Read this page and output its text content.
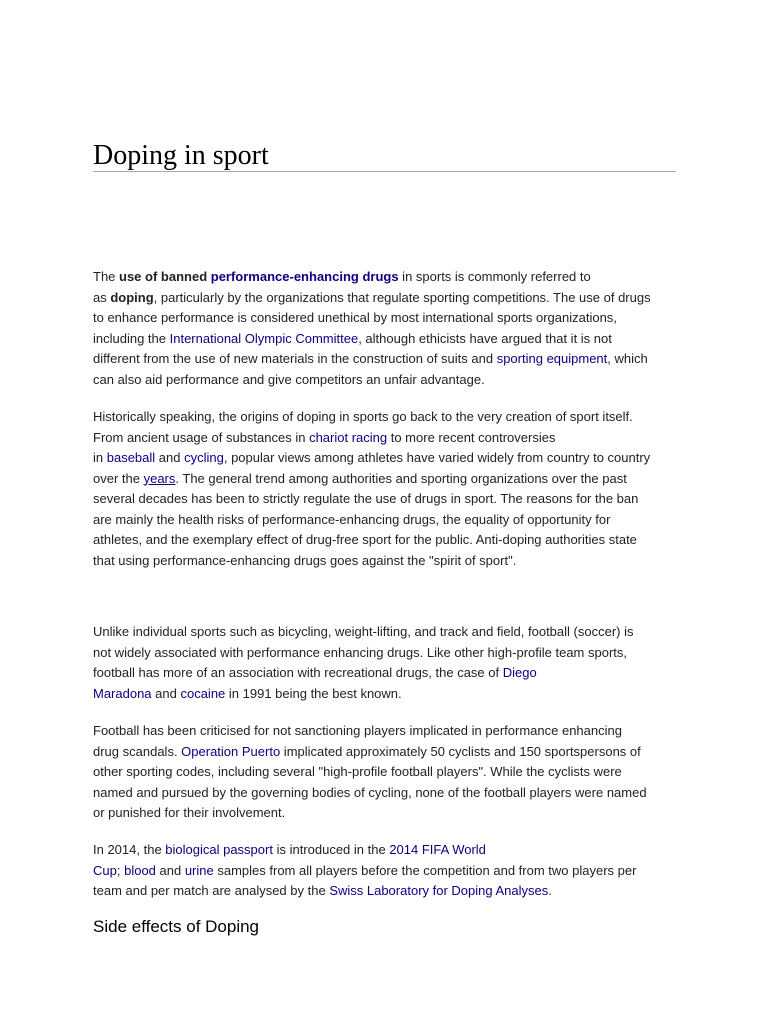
Doping in sport

The use of banned performance-enhancing drugs in sports is commonly referred to
as doping, particularly by the organizations that regulate sporting competitions. The use of drugs
to enhance performance is considered unethical by most international sports organizations,
including the International Olympic Committee, although ethicists have argued that it is not
different from the use of new materials in the construction of suits and sporting equipment, which
can also aid performance and give competitors an unfair advantage.

Historically speaking, the origins of doping in sports go back to the very creation of sport itself.
From ancient usage of substances in chariot racing to more recent controversies
in baseball and cycling, popular views among athletes have varied widely from country to country
over the years. The general trend among authorities and sporting organizations over the past
several decades has been to strictly regulate the use of drugs in sport. The reasons for the ban
are mainly the health risks of performance-enhancing drugs, the equality of opportunity for
athletes, and the exemplary effect of drug-free sport for the public. Anti-doping authorities state
that using performance-enhancing drugs goes against the "spirit of sport".

Unlike individual sports such as bicycling, weight-lifting, and track and field, football (soccer) is
not widely associated with performance enhancing drugs. Like other high-profile team sports,
football has more of an association with recreational drugs, the case of Diego
Maradona and cocaine in 1991 being the best known.

Football has been criticised for not sanctioning players implicated in performance enhancing
drug scandals. Operation Puerto implicated approximately 50 cyclists and 150 sportspersons of
other sporting codes, including several "high-profile football players". While the cyclists were
named and pursued by the governing bodies of cycling, none of the football players were named
or punished for their involvement.

In 2014, the biological passport is introduced in the 2014 FIFA World
Cup; blood and urine samples from all players before the competition and from two players per
team and per match are analysed by the Swiss Laboratory for Doping Analyses.

Side effects of Doping
